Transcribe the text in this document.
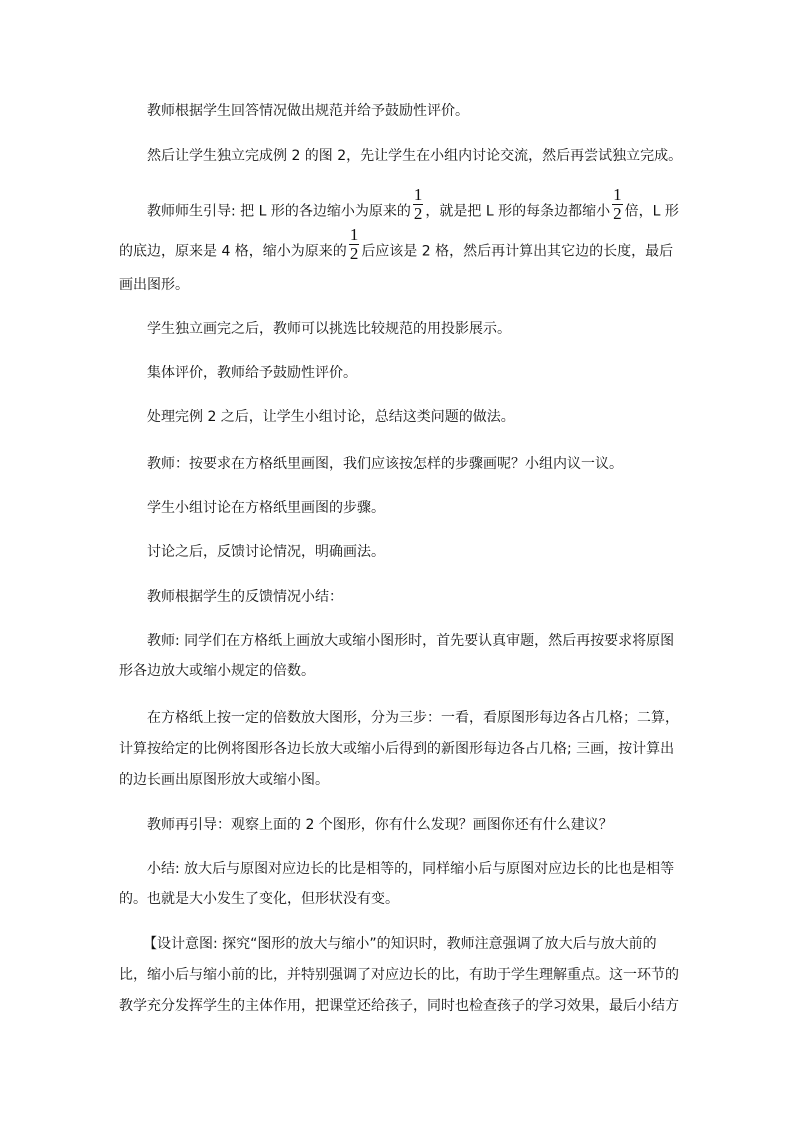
教师根据学生回答情况做出规范并给予鼓励性评价。
然后让学生独立完成例 2 的图 2，先让学生在小组内讨论交流，然后再尝试独立完成。
教师师生引导: 把 L 形的各边缩小为原来的 $\frac{1}{2}$ ，就是把 L 形的每条边都缩小 $\frac{1}{2}$ 倍，L 形
的底边，原来是 4 格，缩小为原来的 $\frac{1}{2}$ 后应该是 2 格，然后再计算出其它边的长度，最后
画出图形。
学生独立画完之后，教师可以挑选比较规范的用投影展示。
集体评价，教师给予鼓励性评价。
处理完例 2 之后，让学生小组讨论，总结这类问题的做法。
教师：按要求在方格纸里画图，我们应该按怎样的步骤画呢？小组内议一议。
学生小组讨论在方格纸里画图的步骤。
讨论之后，反馈讨论情况，明确画法。
教师根据学生的反馈情况小结：
教师: 同学们在方格纸上画放大或缩小图形时，首先要认真审题，然后再按要求将原图
形各边放大或缩小规定的倍数。
在方格纸上按一定的倍数放大图形，分为三步：一看，看原图形每边各占几格；二算，
计算按给定的比例将图形各边长放大或缩小后得到的新图形每边各占几格; 三画，按计算出
的边长画出原图形放大或缩小图。
教师再引导：观察上面的 2 个图形，你有什么发现？画图你还有什么建议？
小结: 放大后与原图对应边长的比是相等的，同样缩小后与原图对应边长的比也是相等
的。也就是大小发生了变化，但形状没有变。
【设计意图: 探究“图形的放大与缩小”的知识时，教师注意强调了放大后与放大前的
比，缩小后与缩小前的比，并特别强调了对应边长的比，有助于学生理解重点。这一环节的
教学充分发挥学生的主体作用，把课堂还给孩子，同时也检查孩子的学习效果，最后小结方
